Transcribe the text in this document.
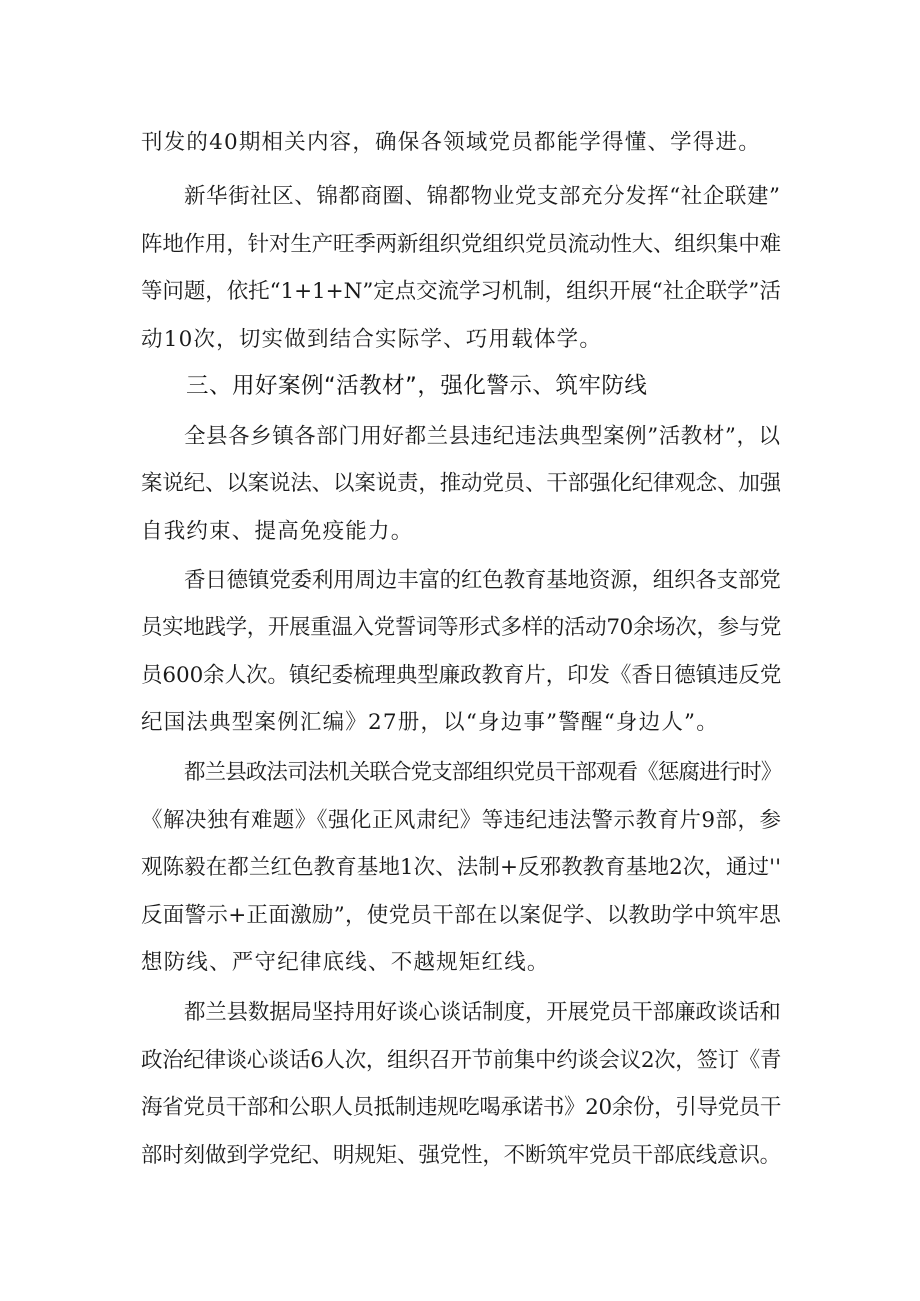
刊发的40期相关内容，确保各领域党员都能学得懂、学得进。
新华街社区、锦都商圈、锦都物业党支部充分发挥“社企联建”
阵地作用，针对生产旺季两新组织党组织党员流动性大、组织集中难
等问题，依托“1+1+N”定点交流学习机制，组织开展“社企联学”活
动10次，切实做到结合实际学、巧用载体学。
三、用好案例“活教材”，强化警示、筑牢防线
全县各乡镇各部门用好都兰县违纪违法典型案例”活教材”，以
案说纪、以案说法、以案说责，推动党员、干部强化纪律观念、加强
自我约束、提高免疫能力。
香日德镇党委利用周边丰富的红色教育基地资源，组织各支部党
员实地践学，开展重温入党誓词等形式多样的活动70余场次，参与党
员600余人次。镇纪委梳理典型廉政教育片，印发《香日德镇违反党
纪国法典型案例汇编》27册，以“身边事”警醒“身边人”。
都兰县政法司法机关联合党支部组织党员干部观看《惩腐进行时》
《解决独有难题》《强化正风肃纪》等违纪违法警示教育片9部，参
观陈毅在都兰红色教育基地1次、法制+反邪教教育基地2次，通过''
反面警示+正面激励”，使党员干部在以案促学、以教助学中筑牢思
想防线、严守纪律底线、不越规矩红线。
都兰县数据局坚持用好谈心谈话制度，开展党员干部廉政谈话和
政治纪律谈心谈话6人次，组织召开节前集中约谈会议2次，签订《青
海省党员干部和公职人员抵制违规吃喝承诺书》20余份，引导党员干
部时刻做到学党纪、明规矩、强党性，不断筑牢党员干部底线意识。
